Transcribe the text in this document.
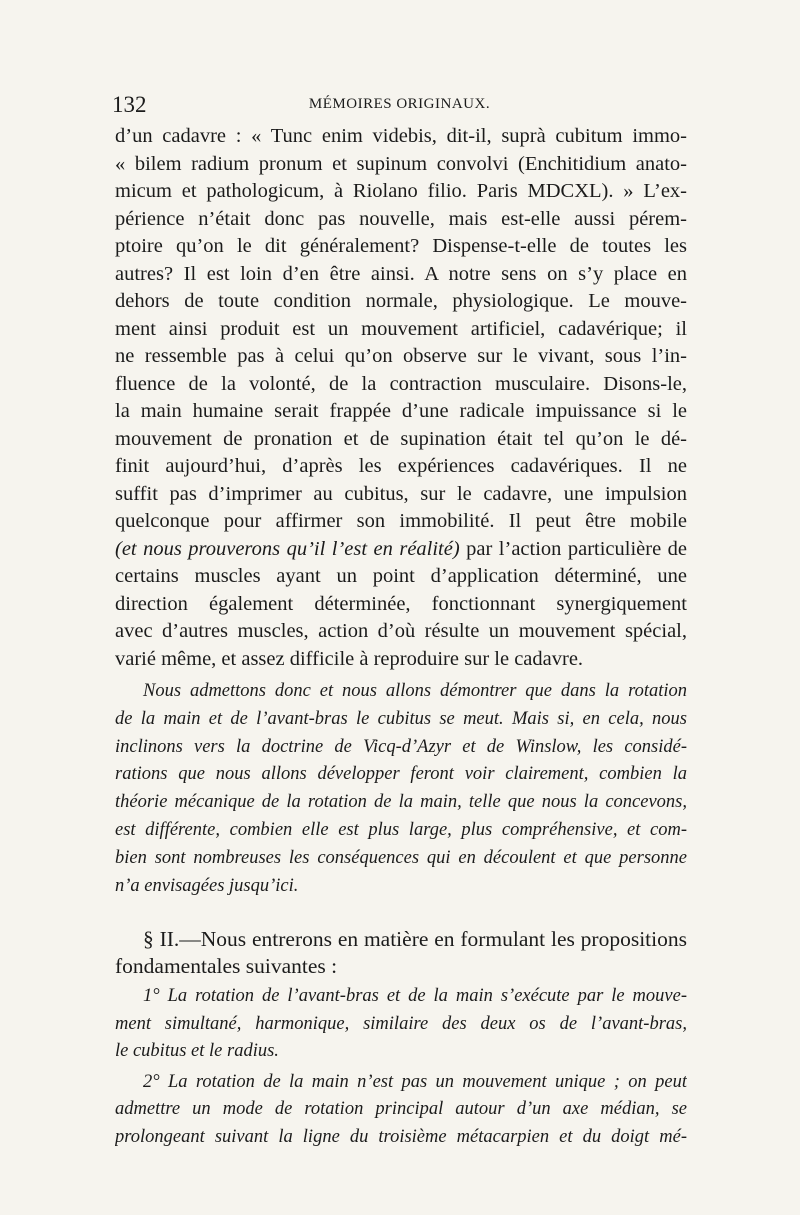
132	MÉMOIRES ORIGINAUX.
d’un cadavre : « Tunc enim videbis, dit-il, suprà cubitum immo-
« bilem radium pronum et supinum convolvi (Enchitidium anato-
micum et pathologicum, à Riolano filio. Paris MDCXL). » L’ex-
périence n’était donc pas nouvelle, mais est-elle aussi pérem-
ptoire qu’on le dit généralement? Dispense-t-elle de toutes les
autres? Il est loin d’en être ainsi. A notre sens on s’y place en
dehors de toute condition normale, physiologique. Le mouve-
ment ainsi produit est un mouvement artificiel, cadavérique; il
ne ressemble pas à celui qu’on observe sur le vivant, sous l’in-
fluence de la volonté, de la contraction musculaire. Disons-le,
la main humaine serait frappée d’une radicale impuissance si le
mouvement de pronation et de supination était tel qu’on le dé-
finit aujourd’hui, d’après les expériences cadavériques. Il ne
suffit pas d’imprimer au cubitus, sur le cadavre, une impulsion
quelconque pour affirmer son immobilité. Il peut être mobile
(et nous prouverons qu’il l’est en réalité) par l’action particulière de
certains muscles ayant un point d’application déterminé, une
direction également déterminée, fonctionnant synergiquement
avec d’autres muscles, action d’où résulte un mouvement spécial,
varié même, et assez difficile à reproduire sur le cadavre.
Nous admettons donc et nous allons démontrer que dans la rotation
de la main et de l’avant-bras le cubitus se meut. Mais si, en cela, nous
inclinons vers la doctrine de Vicq-d’Azyr et de Winslow, les considé-
rations que nous allons développer feront voir clairement, combien la
théorie mécanique de la rotation de la main, telle que nous la concevons,
est différente, combien elle est plus large, plus compréhensive, et com-
bien sont nombreuses les conséquences qui en découlent et que personne
n’a envisagées jusqu’ici.
§ II.—Nous entrerons en matière en formulant les propositions
fondamentales suivantes :
1° La rotation de l’avant-bras et de la main s’exécute par le mouve-
ment simultané, harmonique, similaire des deux os de l’avant-bras,
le cubitus et le radius.
2° La rotation de la main n’est pas un mouvement unique ; on peut
admettre un mode de rotation principal autour d’un axe médian, se
prolongeant suivant la ligne du troisième métacarpien et du doigt mé-
